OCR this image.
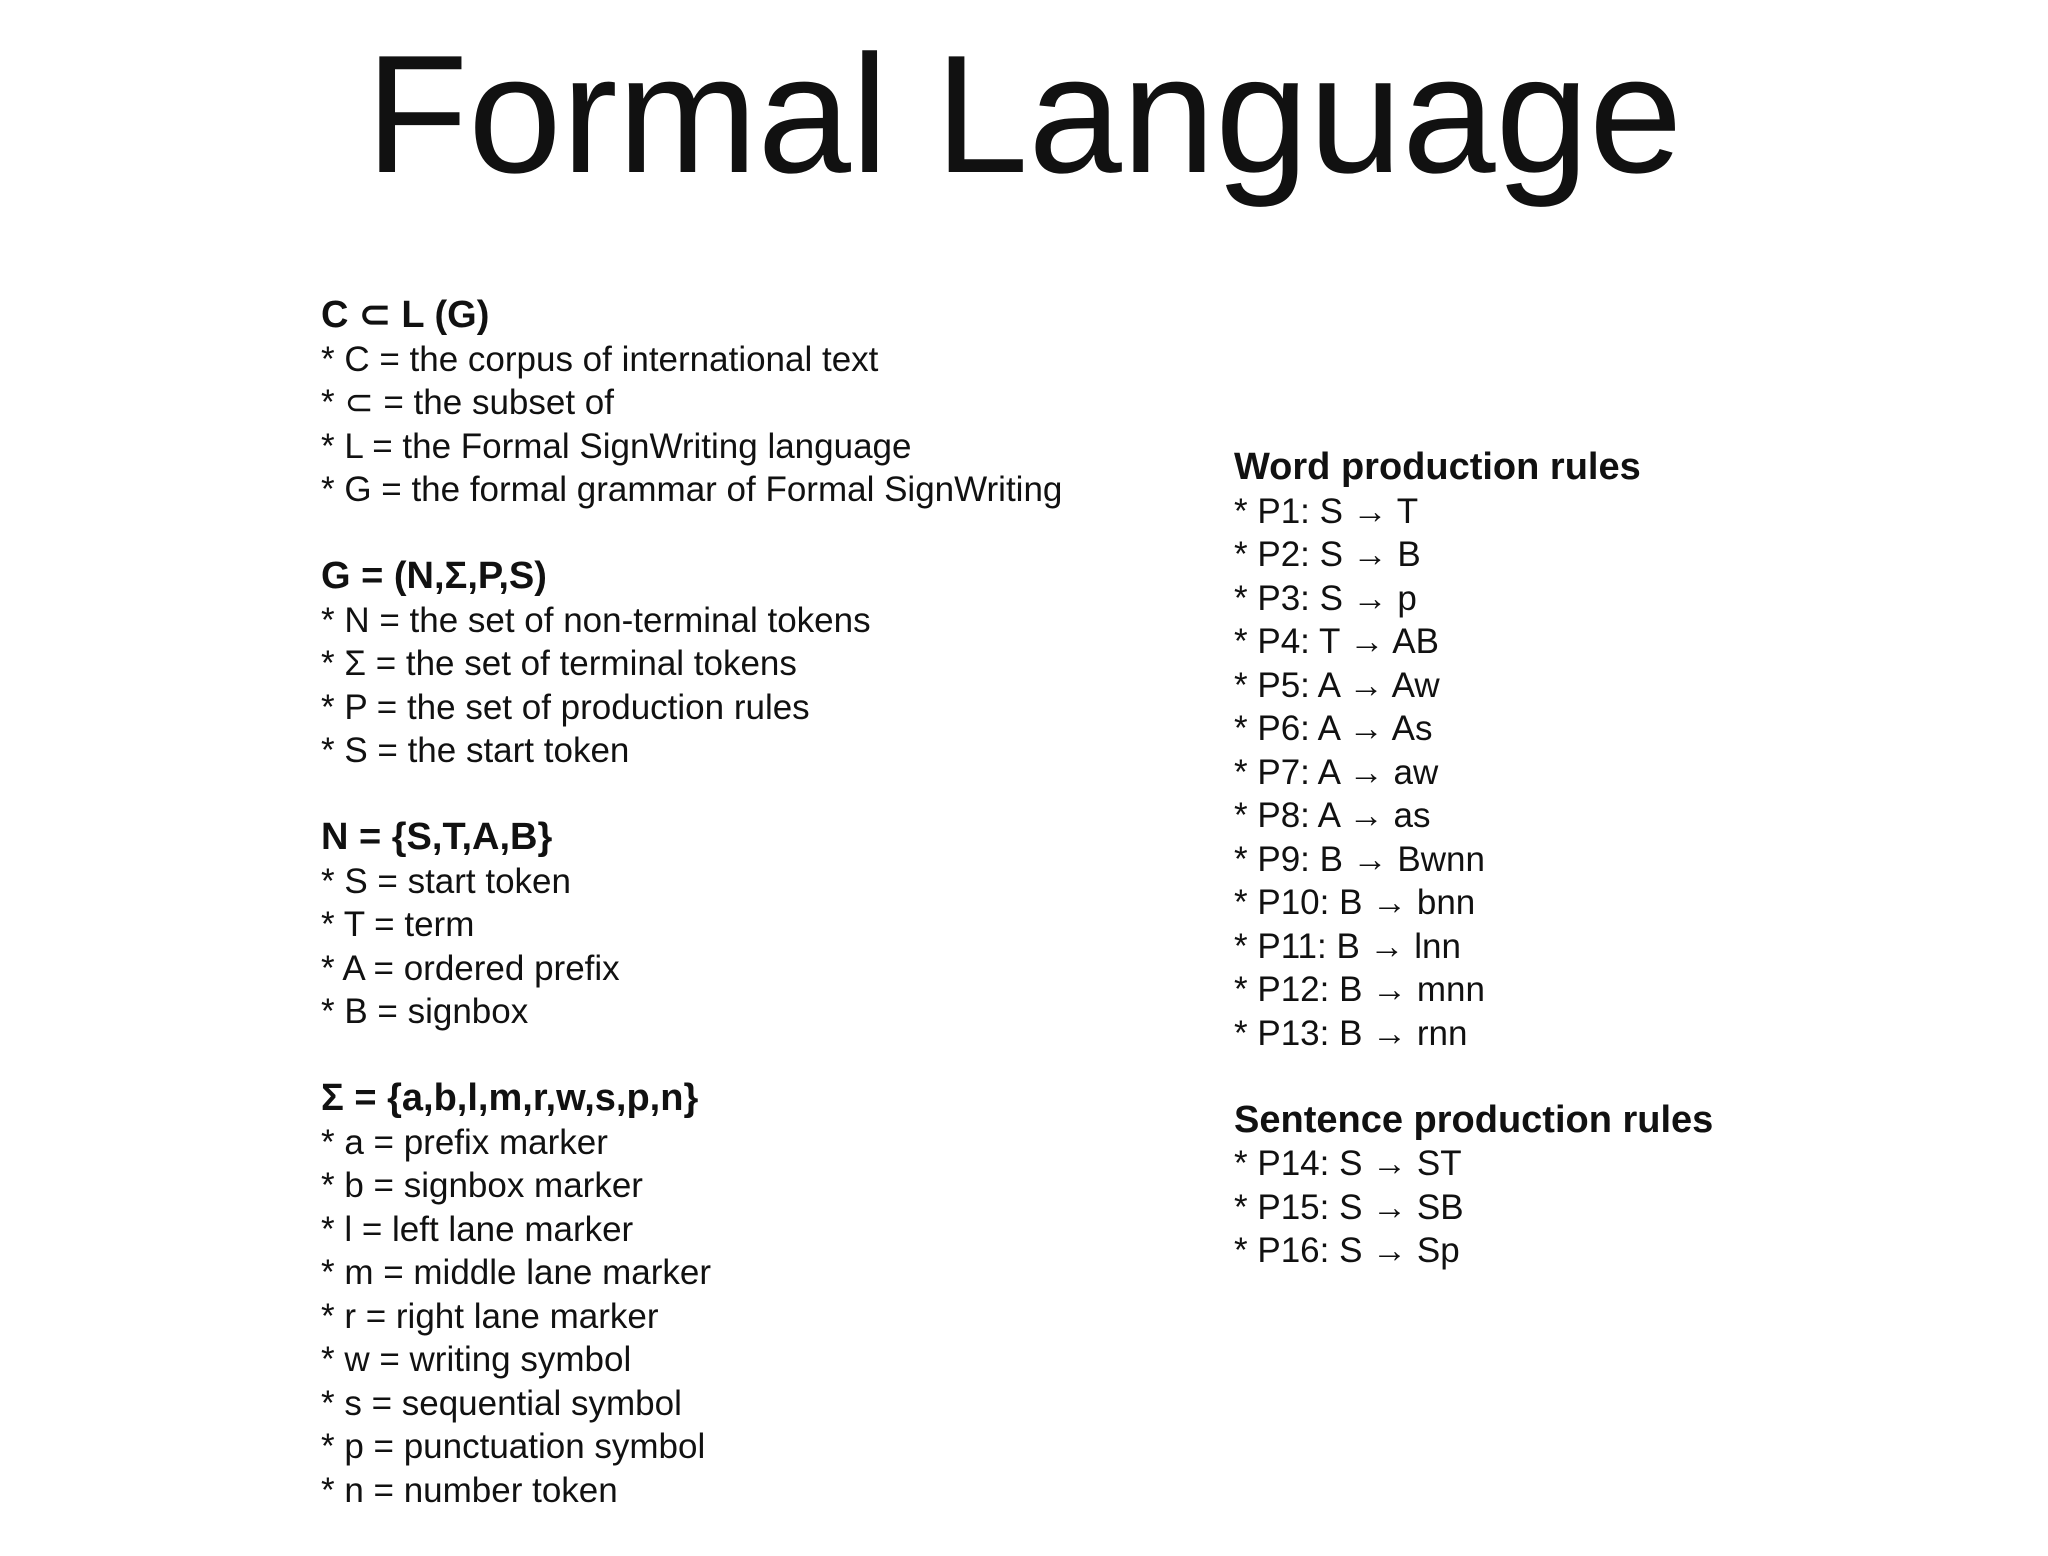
Formal Language
C ⊂ L (G)
* C = the corpus of international text
* ⊂ = the subset of
* L = the Formal SignWriting language
* G = the formal grammar of Formal SignWriting
G = (N,Σ,P,S)
* N = the set of non-terminal tokens
* Σ = the set of terminal tokens
* P = the set of production rules
* S = the start token
N = {S,T,A,B}
* S = start token
* T = term
* A = ordered prefix
* B = signbox
Σ = {a,b,l,m,r,w,s,p,n}
* a = prefix marker
* b = signbox marker
* l = left lane marker
* m = middle lane marker
* r = right lane marker
* w = writing symbol
* s = sequential symbol
* p = punctuation symbol
* n = number token
Word production rules
* P1: S → T
* P2: S → B
* P3: S → p
* P4: T → AB
* P5: A → Aw
* P6: A → As
* P7: A → aw
* P8: A → as
* P9: B → Bwnn
* P10: B → bnn
* P11: B → lnn
* P12: B → mnn
* P13: B → rnn
Sentence production rules
* P14: S → ST
* P15: S → SB
* P16: S → Sp
